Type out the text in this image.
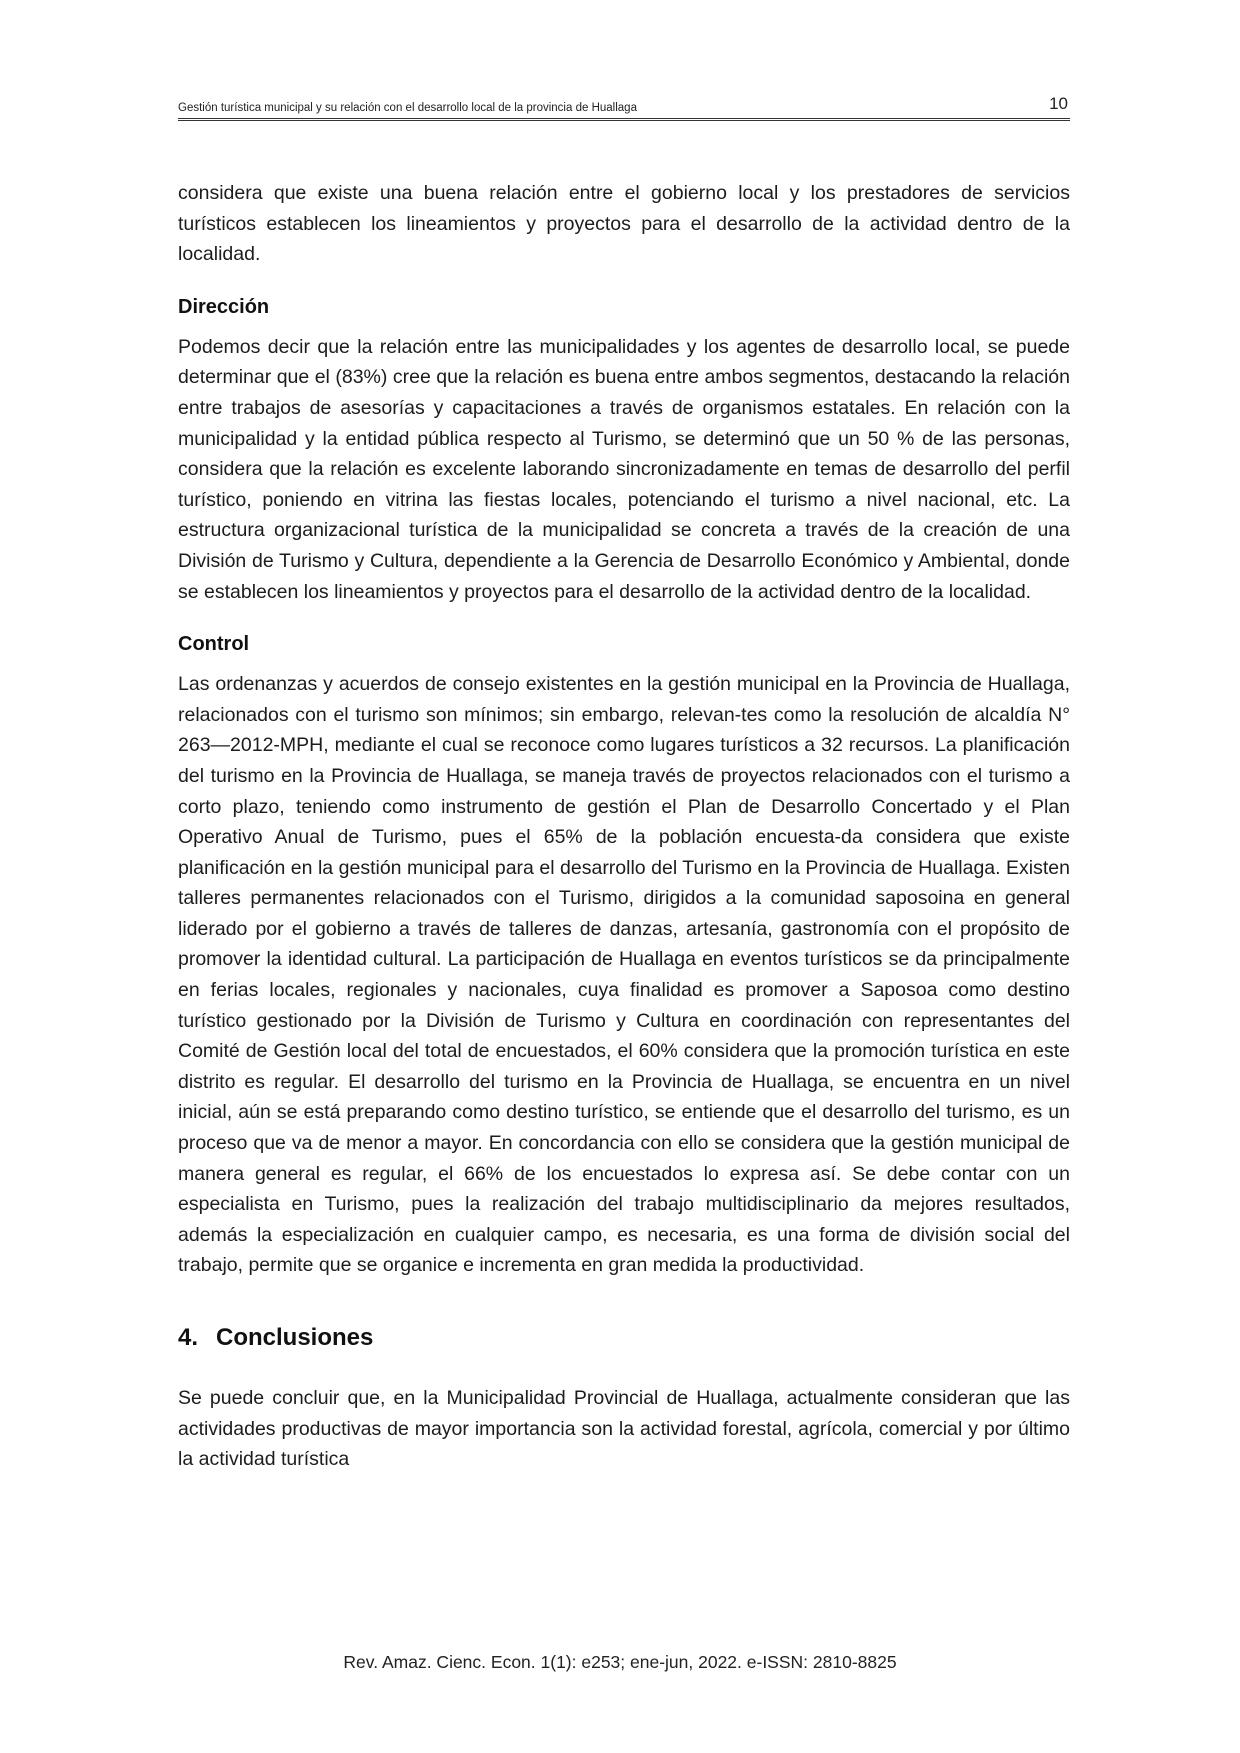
Gestión turística municipal y su relación con el desarrollo local de la provincia de Huallaga	10

considera que existe una buena relación entre el gobierno local y los prestadores de servicios turísticos establecen los lineamientos y proyectos para el desarrollo de la actividad dentro de la localidad.

Dirección

Podemos decir que la relación entre las municipalidades y los agentes de desarrollo local, se puede determinar que el (83%) cree que la relación es buena entre ambos segmentos, destacando la relación entre trabajos de asesorías y capacitaciones a través de organismos estatales. En relación con la municipalidad y la entidad pública respecto al Turismo, se determinó que un 50 % de las personas, considera que la relación es excelente laborando sincronizadamente en temas de desarrollo del perfil turístico, poniendo en vitrina las fiestas locales, potenciando el turismo a nivel nacional, etc. La estructura organizacional turística de la municipalidad se concreta a través de la creación de una División de Turismo y Cultura, dependiente a la Gerencia de Desarrollo Económico y Ambiental, donde se establecen los lineamientos y proyectos para el desarrollo de la actividad dentro de la localidad.

Control

Las ordenanzas y acuerdos de consejo existentes en la gestión municipal en la Provincia de Huallaga, relacionados con el turismo son mínimos; sin embargo, relevan-tes como la resolución de alcaldía N° 263—2012-MPH, mediante el cual se reconoce como lugares turísticos a 32 recursos. La planificación del turismo en la Provincia de Huallaga, se maneja través de proyectos relacionados con el turismo a corto plazo, teniendo como instrumento de gestión el Plan de Desarrollo Concertado y el Plan Operativo Anual de Turismo, pues el 65% de la población encuesta-da considera que existe planificación en la gestión municipal para el desarrollo del Turismo en la Provincia de Huallaga. Existen talleres permanentes relacionados con el Turismo, dirigidos a la comunidad saposoina en general liderado por el gobierno a través de talleres de danzas, artesanía, gastronomía con el propósito de promover la identidad cultural. La participación de Huallaga en eventos turísticos se da principalmente en ferias locales, regionales y nacionales, cuya finalidad es promover a Saposoa como destino turístico gestionado por la División de Turismo y Cultura en coordinación con representantes del Comité de Gestión local del total de encuestados, el 60% considera que la promoción turística en este distrito es regular. El desarrollo del turismo en la Provincia de Huallaga, se encuentra en un nivel inicial, aún se está preparando como destino turístico, se entiende que el desarrollo del turismo, es un proceso que va de menor a mayor. En concordancia con ello se considera que la gestión municipal de manera general es regular, el 66% de los encuestados lo expresa así. Se debe contar con un especialista en Turismo, pues la realización del trabajo multidisciplinario da mejores resultados, además la especialización en cualquier campo, es necesaria, es una forma de división social del trabajo, permite que se organice e incrementa en gran medida la productividad.

4. Conclusiones

Se puede concluir que, en la Municipalidad Provincial de Huallaga, actualmente consideran que las actividades productivas de mayor importancia son la actividad forestal, agrícola, comercial y por último la actividad turística

Rev. Amaz. Cienc. Econ. 1(1): e253; ene-jun, 2022. e-ISSN: 2810-8825
